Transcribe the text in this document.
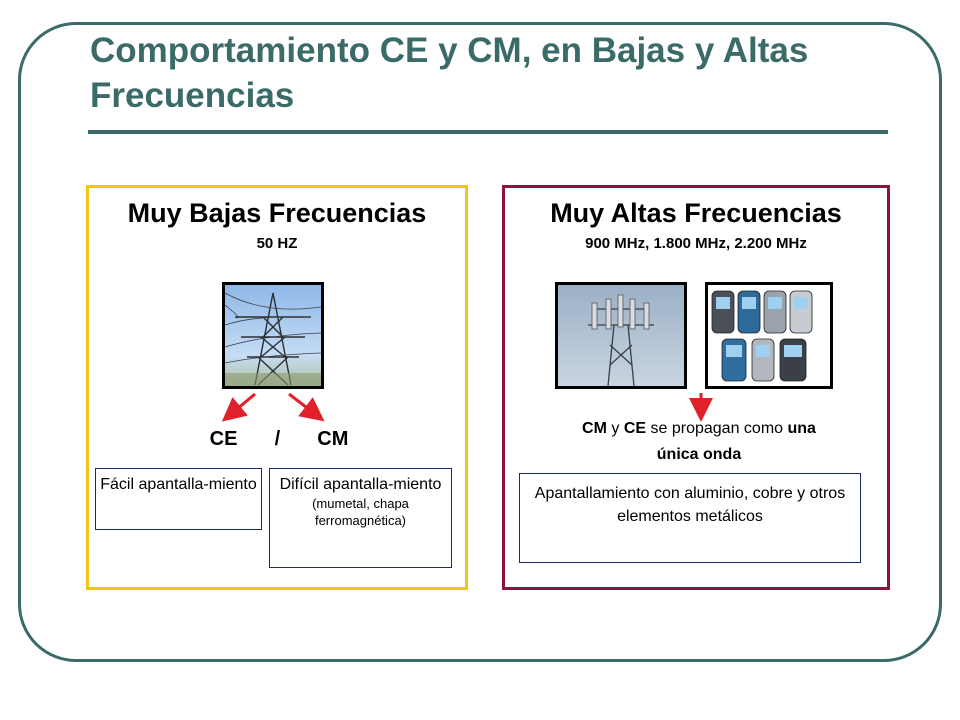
Comportamiento CE y CM, en Bajas y Altas Frecuencias
Muy Bajas Frecuencias
50 HZ
CE / CM
Fácil apantalla-miento	Difícil apantalla-miento
(mumetal, chapa ferromagnética)
Muy Altas Frecuencias
900 MHz, 1.800 MHz, 2.200 MHz
CM y CE se propagan como una
única onda
Apantallamiento con aluminio, cobre y otros elementos metálicos
